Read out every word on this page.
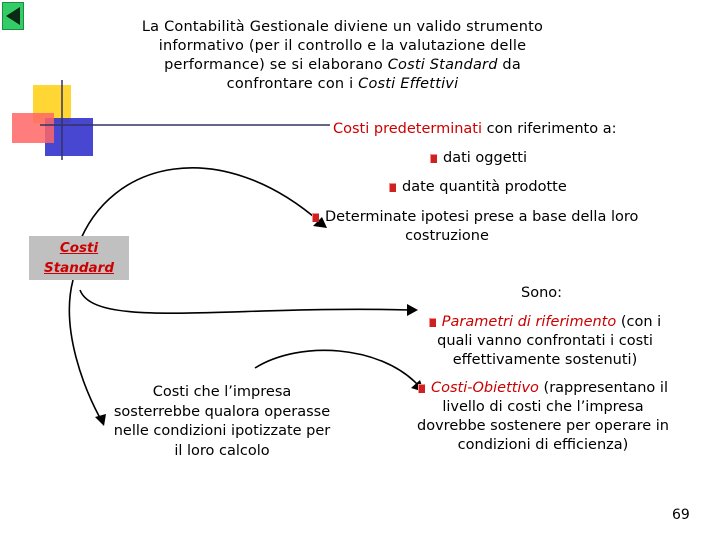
La Contabilità Gestionale diviene un valido strumento informativo (per il controllo e la valutazione delle performance) se si elaborano Costi Standard da confrontare con i Costi Effettivi
Costi predeterminati con riferimento a:
dati oggetti
date quantità prodotte
Determinate ipotesi prese a base della loro
costruzione
Costi
Standard
Sono:
Parametri di riferimento (con i quali vanno confrontati i costi effettivamente sostenuti)
Costi-Obiettivo (rappresentano il livello di costi che l’impresa dovrebbe sostenere per operare in condizioni di efficienza)
Costi che l’impresa sosterrebbe qualora operasse nelle condizioni ipotizzate per il loro calcolo
69
